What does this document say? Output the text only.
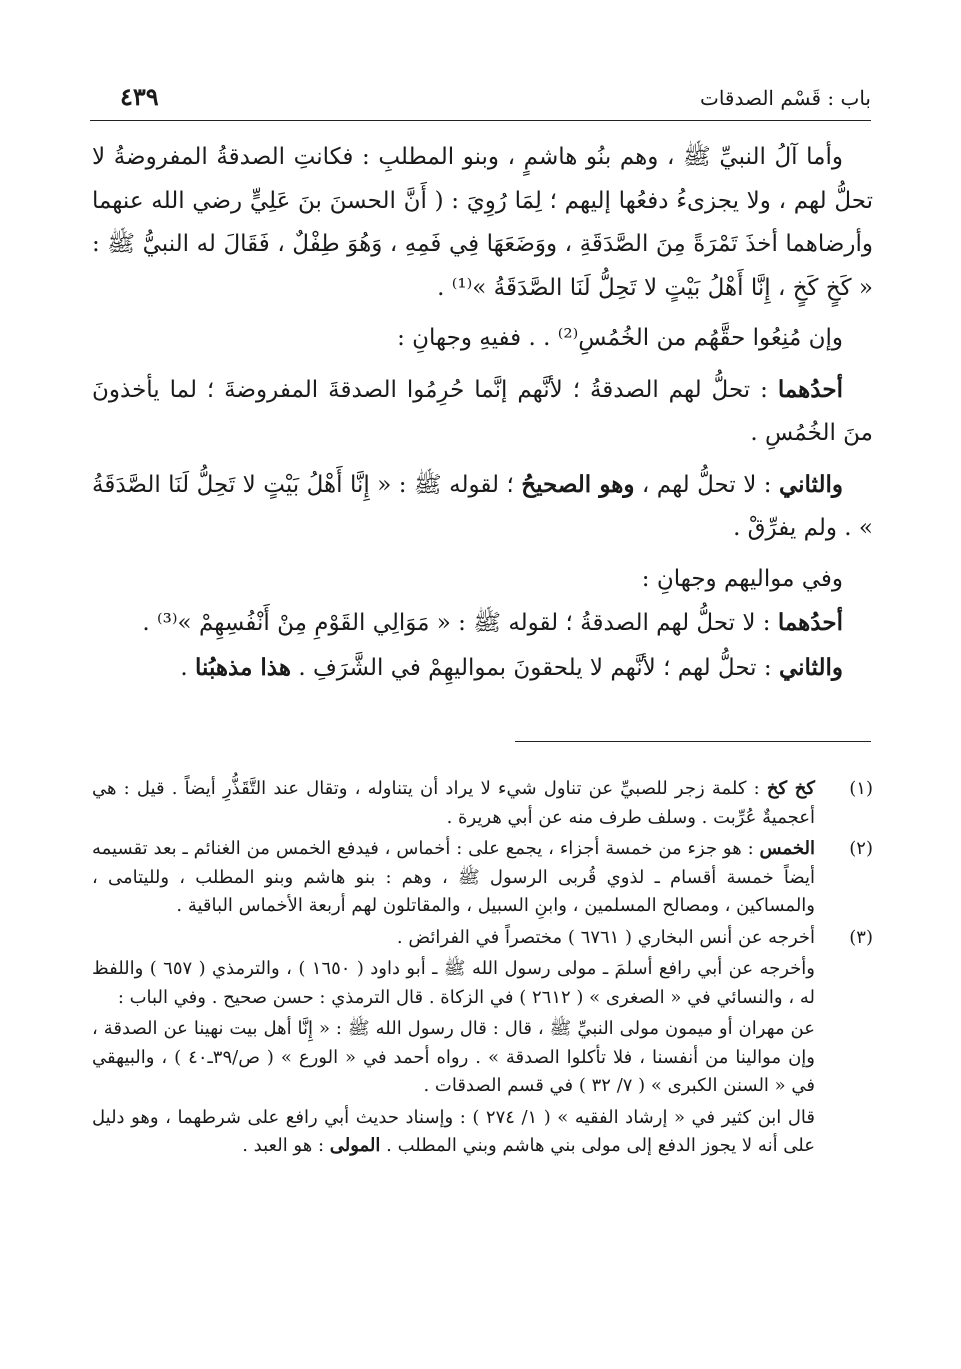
باب : قَسْم الصدقات
٤٣٩

وأما آلُ النبيِّ ﷺ ، وهم بنُو هاشمٍ ، وبنو المطلبِ : فكانتِ الصدقةُ المفروضةُ لا تحلُّ لهم ، ولا يجزىءُ دفعُها إليهم ؛ لِمَا رُوِيَ : ( أَنَّ الحسنَ بنَ عَلِيٍّ رضي الله عنهما وأرضاهما أخذَ تَمْرَةً مِنَ الصَّدَقَةِ ، ووَضَعَهَا فِي فَمِهِ ، وَهُوَ طِفْلٌ ، فَقَالَ له النبيُّ ﷺ : « كَخٍ كَخٍ ، إِنَّا أَهْلُ بَيْتٍ لا تَحِلُّ لَنَا الصَّدَقَةُ »⁽¹⁾ .

وإن مُنِعُوا حقَّهُم من الخُمُسِ⁽²⁾ . . ففيهِ وجهانِ :

أحدُهما : تحلُّ لهم الصدقةُ ؛ لأنَّهم إنَّما حُرِمُوا الصدقةَ المفروضةَ ؛ لما يأخذونَ منَ الخُمُسِ .

والثاني : لا تحلُّ لهم ، وهو الصحيحُ ؛ لقوله ﷺ : « إِنَّا أَهْلُ بَيْتٍ لا تَحِلُّ لَنَا الصَّدَقَةُ » . ولم يفرِّقْ .

وفي مواليهم وجهانِ :

أحدُهما : لا تحلُّ لهم الصدقةُ ؛ لقوله ﷺ : « مَوَالِي القَوْمِ مِنْ أَنْفُسِهِمْ »⁽³⁾ .

والثاني : تحلُّ لهم ؛ لأنَّهم لا يلحقونَ بمواليهِمْ في الشَّرَفِ . هذا مذهبُنا .

(١)

كخ كخ : كلمة زجر للصبيِّ عن تناول شيء لا يراد أن يتناوله ، وتقال عند التَّقَذُّرِ أيضاً . قيل : هي أعجميةٌ عُرِّبت . وسلف طرف منه عن أبي هريرة .

(٢)

الخمس : هو جزء من خمسة أجزاء ، يجمع على : أخماس ، فيدفع الخمس من الغنائم ـ بعد تقسيمه أيضاً خمسة أقسام ـ لذوي قُربى الرسول ﷺ ، وهم : بنو هاشم وبنو المطلب ، ولليتامى ، والمساكين ، ومصالح المسلمين ، وابنِ السبيل ، والمقاتلون لهم أربعة الأخماس الباقية .

(٣)

أخرجه عن أنس البخاري ( ٦٧٦١ ) مختصراً في الفرائض .

وأخرجه عن أبي رافع أسلمَ ـ مولى رسول الله ﷺ ـ أبو داود ( ١٦٥٠ ) ، والترمذي ( ٦٥٧ ) واللفظ له ، والنسائي في « الصغرى » ( ٢٦١٢ ) في الزكاة . قال الترمذي : حسن صحيح . وفي الباب :

عن مهران أو ميمون مولى النبيِّ ﷺ ، قال : قال رسول الله ﷺ : « إِنَّا أهل بيت نهينا عن الصدقة ، وإن موالينا من أنفسنا ، فلا تأكلوا الصدقة » . رواه أحمد في « الورع » ( ص/٣٩ـ٤٠ ) ، والبيهقي في « السنن الكبرى » ( ٧/ ٣٢ ) في قسم الصدقات .

قال ابن كثير في « إرشاد الفقيه » ( ١/ ٢٧٤ ) : وإسناد حديث أبي رافع على شرطهما ، وهو دليل على أنه لا يجوز الدفع إلى مولى بني هاشم وبني المطلب . المولى : هو العبد .
